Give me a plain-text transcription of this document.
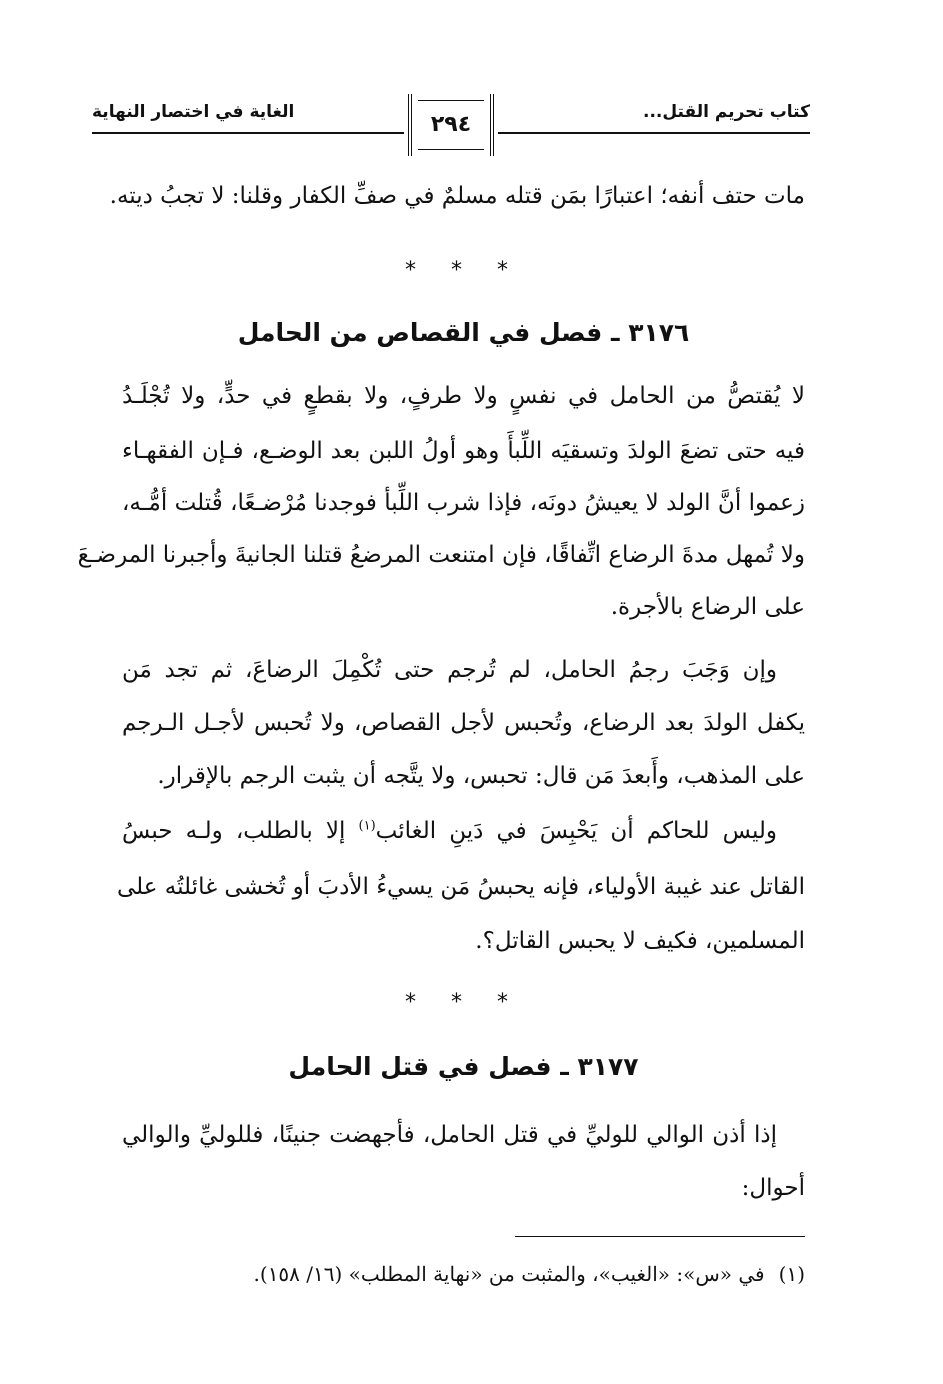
كتاب تحريم القتل...
٢٩٤
الغاية في اختصار النهاية
مات حتف أنفه؛ اعتبارًا بمَن قتله مسلمٌ في صفِّ الكفار وقلنا: لا تجبُ ديته.
* * *
٣١٧٦ ـ فصل في القصاص من الحامل
لا يُقتصُّ من الحامل في نفسٍ ولا طرفٍ، ولا بقطعٍ في حدٍّ، ولا تُجْلَـدُ
فيه حتى تضعَ الولدَ وتسقيَه اللِّبأَ وهو أولُ اللبن بعد الوضـع، فـإن الفقهـاء
زعموا أنَّ الولد لا يعيشُ دونَه، فإذا شرب اللِّبأ فوجدنا مُرْضـعًا، قُتلت أمُّـه،
ولا تُمهل مدةَ الرضاع اتِّفاقًا، فإن امتنعت المرضعُ قتلنا الجانيةَ وأجبرنا المرضـعَ
على الرضاع بالأجرة.
وإن وَجَبَ رجمُ الحامل، لم تُرجم حتى تُكْمِلَ الرضاعَ، ثم تجد مَن
يكفل الولدَ بعد الرضاع، وتُحبس لأجل القصاص، ولا تُحبس لأجـل الـرجم
على المذهب، وأَبعدَ مَن قال: تحبس، ولا يتَّجه أن يثبت الرجم بالإقرار.
وليس للحاكم أن يَحْبِسَ في دَينِ الغائب$^{(١)}$ إلا بالطلب، ولـه حبسُ
القاتل عند غيبة الأولياء، فإنه يحبسُ مَن يسيءُ الأدبَ أو تُخشى غائلتُه على
المسلمين، فكيف لا يحبس القاتل؟.
* * *
٣١٧٧ ـ فصل في قتل الحامل
إذا أذن الوالي للوليِّ في قتل الحامل، فأجهضت جنينًا، فللوليِّ والوالي
أحوال:
(١)في «س»: «الغيب»، والمثبت من «نهاية المطلب» (١٦/ ١٥٨).
